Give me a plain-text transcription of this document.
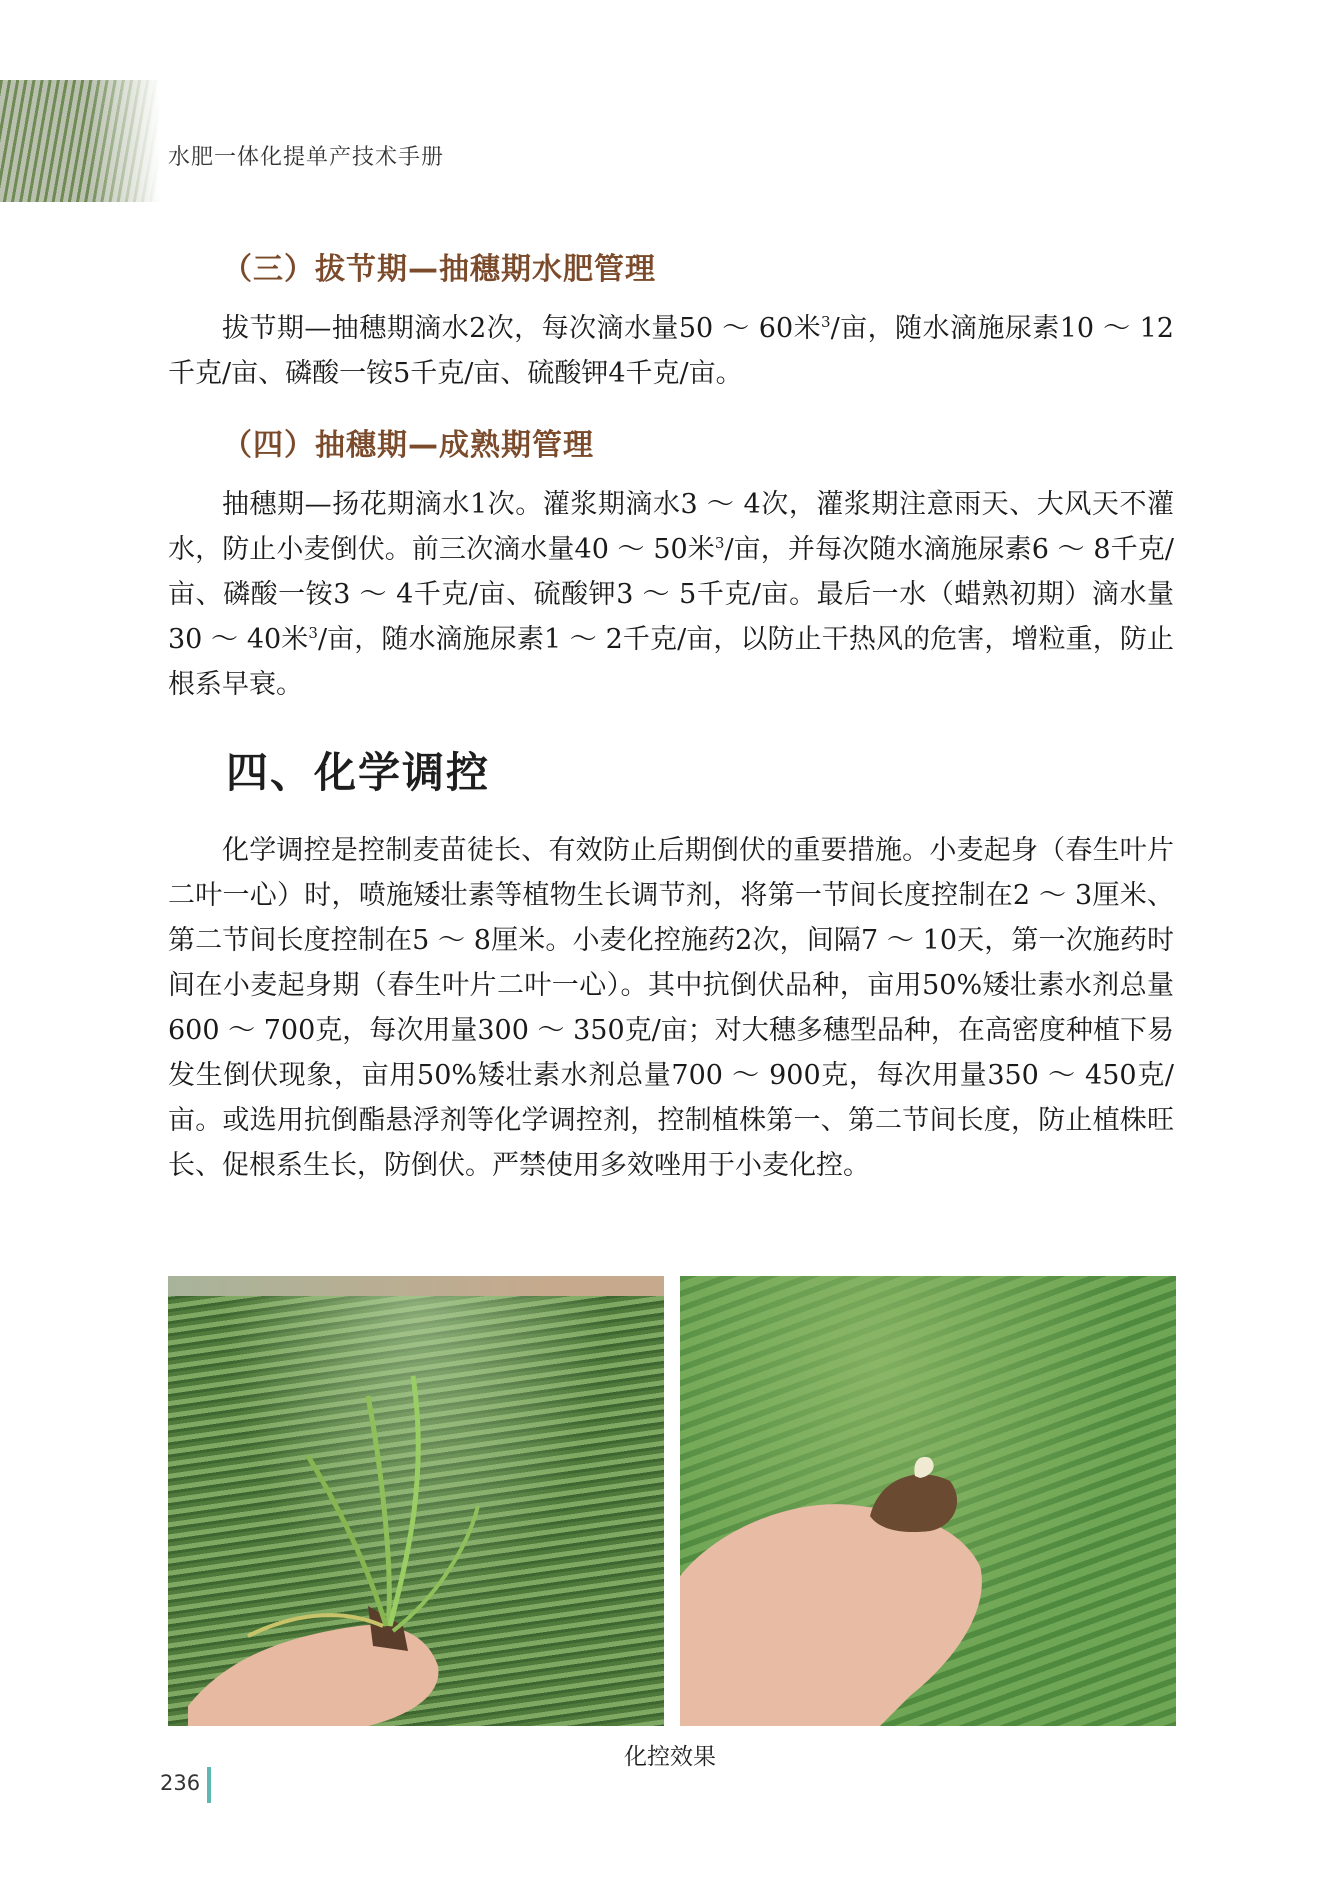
水肥一体化提单产技术手册
（三）拔节期—抽穗期水肥管理

拔节期—抽穗期滴水2次，每次滴水量50 ～ 60米$^3$/亩，随水滴施尿素10 ～ 12千克/亩、磷酸一铵5千克/亩、硫酸钾4千克/亩。

（四）抽穗期—成熟期管理

抽穗期—扬花期滴水1次。灌浆期滴水3 ～ 4次，灌浆期注意雨天、大风天不灌水，防止小麦倒伏。前三次滴水量40 ～ 50米$^3$/亩，并每次随水滴施尿素6 ～ 8千克/亩、磷酸一铵3 ～ 4千克/亩、硫酸钾3 ～ 5千克/亩。最后一水（蜡熟初期）滴水量30 ～ 40米$^3$/亩，随水滴施尿素1 ～ 2千克/亩，以防止干热风的危害，增粒重，防止根系早衰。

四、化学调控

化学调控是控制麦苗徒长、有效防止后期倒伏的重要措施。小麦起身（春生叶片二叶一心）时，喷施矮壮素等植物生长调节剂，将第一节间长度控制在2 ～ 3厘米、第二节间长度控制在5 ～ 8厘米。小麦化控施药2次，间隔7 ～ 10天，第一次施药时间在小麦起身期（春生叶片二叶一心）。其中抗倒伏品种，亩用50%矮壮素水剂总量600 ～ 700克，每次用量300 ～ 350克/亩；对大穗多穗型品种，在高密度种植下易发生倒伏现象，亩用50%矮壮素水剂总量700 ～ 900克，每次用量350 ～ 450克/亩。或选用抗倒酯悬浮剂等化学调控剂，控制植株第一、第二节间长度，防止植株旺长、促根系生长，防倒伏。严禁使用多效唑用于小麦化控。

化控效果
236
